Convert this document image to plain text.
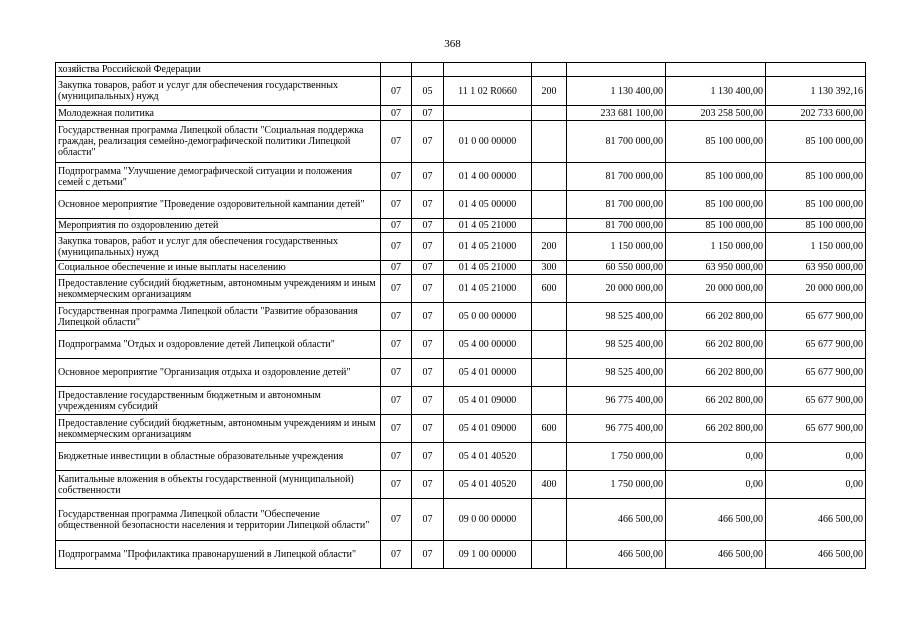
368
хозяйства Российской Федерации							
Закупка товаров, работ и услуг для обеспечения государственных (муниципальных) нужд	07	05	11 1 02 R0660	200	1 130 400,00	1 130 400,00	1 130 392,16
Молодежная политика	07	07			233 681 100,00	203 258 500,00	202 733 600,00
Государственная программа Липецкой области "Социальная поддержка граждан, реализация семейно-демографической политики Липецкой области"	07	07	01 0 00 00000		81 700 000,00	85 100 000,00	85 100 000,00
Подпрограмма "Улучшение демографической ситуации и положения семей с детьми"	07	07	01 4 00 00000		81 700 000,00	85 100 000,00	85 100 000,00
Основное мероприятие "Проведение оздоровительной кампании детей"	07	07	01 4 05 00000		81 700 000,00	85 100 000,00	85 100 000,00
Мероприятия по оздоровлению детей	07	07	01 4 05 21000		81 700 000,00	85 100 000,00	85 100 000,00
Закупка товаров, работ и услуг для обеспечения государственных (муниципальных) нужд	07	07	01 4 05 21000	200	1 150 000,00	1 150 000,00	1 150 000,00
Социальное обеспечение и иные выплаты населению	07	07	01 4 05 21000	300	60 550 000,00	63 950 000,00	63 950 000,00
Предоставление субсидий бюджетным, автономным учреждениям и иным некоммерческим организациям	07	07	01 4 05 21000	600	20 000 000,00	20 000 000,00	20 000 000,00
Государственная программа Липецкой области "Развитие образования Липецкой области"	07	07	05 0 00 00000		98 525 400,00	66 202 800,00	65 677 900,00
Подпрограмма "Отдых и оздоровление детей Липецкой области"	07	07	05 4 00 00000		98 525 400,00	66 202 800,00	65 677 900,00
Основное мероприятие "Организация отдыха и оздоровление детей"	07	07	05 4 01 00000		98 525 400,00	66 202 800,00	65 677 900,00
Предоставление государственным бюджетным и автономным учреждениям субсидий	07	07	05 4 01 09000		96 775 400,00	66 202 800,00	65 677 900,00
Предоставление субсидий бюджетным, автономным учреждениям и иным некоммерческим организациям	07	07	05 4 01 09000	600	96 775 400,00	66 202 800,00	65 677 900,00
Бюджетные инвестиции в областные образовательные учреждения	07	07	05 4 01 40520		1 750 000,00	0,00	0,00
Капитальные вложения в объекты государственной (муниципальной) собственности	07	07	05 4 01 40520	400	1 750 000,00	0,00	0,00
Государственная программа Липецкой области "Обеспечение общественной безопасности населения и территории Липецкой области"	07	07	09 0 00 00000		466 500,00	466 500,00	466 500,00
Подпрограмма "Профилактика правонарушений в Липецкой области"	07	07	09 1 00 00000		466 500,00	466 500,00	466 500,00
